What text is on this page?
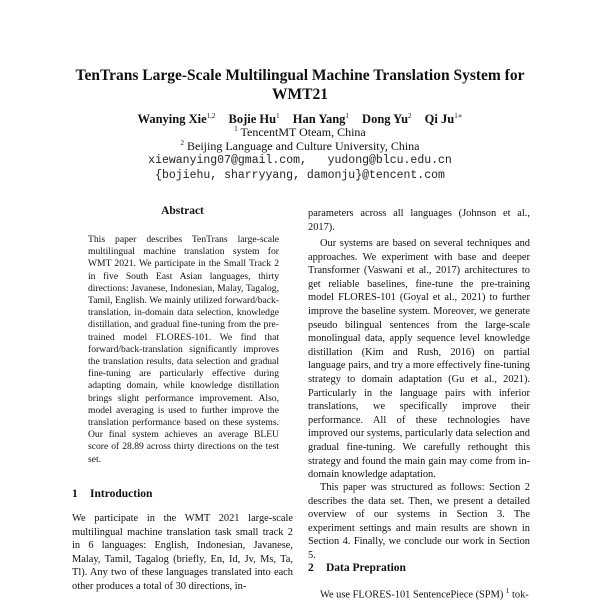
TenTrans Large-Scale Multilingual Machine Translation System for WMT21
Wanying Xie$^{1,2}$ Bojie Hu$^1$ Han Yang$^1$ Dong Yu$^2$ Qi $Ju^{1∗}$
$^1$ TencentMT Oteam, China
$^2$ Beijing Language and Culture University, China
xiewanying07@gmail.com,   yudong@blcu.edu.cn
{bojiehu, sharryyang, damonju}@tencent.com
Abstract
This paper describes TenTrans large-scale multilingual machine translation system for WMT 2021. We participate in the Small Track 2 in five South East Asian languages, thirty directions: Javanese, Indonesian, Malay, Tagalog, Tamil, English. We mainly utilized forward/back-translation, in-domain data selection, knowledge distillation, and gradual fine-tuning from the pre-trained model FLORES-101. We find that forward/back-translation significantly improves the translation results, data selection and gradual fine-tuning are particularly effective during adapting domain, while knowledge distillation brings slight performance improvement. Also, model averaging is used to further improve the translation performance based on these systems. Our final system achieves an average BLEU score of 28.89 across thirty directions on the test set.
1 Introduction
We participate in the WMT 2021 large-scale multilingual machine translation task small track 2 in 6 languages: English, Indonesian, Javanese, Malay, Tamil, Tagalog (briefly, En, Id, Jv, Ms, Ta, Tl). Any two of these languages translated into each other produces a total of 30 directions, in-
parameters across all languages (Johnson et al., 2017).
Our systems are based on several techniques and approaches. We experiment with base and deeper Transformer (Vaswani et al., 2017) architectures to get reliable baselines, fine-tune the pre-training model FLORES-101 (Goyal et al., 2021) to further improve the baseline system. Moreover, we generate pseudo bilingual sentences from the large-scale monolingual data, apply sequence level knowledge distillation (Kim and Rush, 2016) on partial language pairs, and try a more effectively fine-tuning strategy to domain adaptation (Gu et al., 2021). Particularly in the language pairs with inferior translations, we specifically improve their performance. All of these technologies have improved our systems, particularly data selection and gradual fine-tuning. We carefully rethought this strategy and found the main gain may come from in-domain knowledge adaptation.
This paper was structured as follows: Section 2 describes the data set. Then, we present a detailed overview of our systems in Section 3. The experiment settings and main results are shown in Section 4. Finally, we conclude our work in Section 5.
2 Data Prepration
We use FLORES-101 SentencePiece (SPM) $^1$ tok-
